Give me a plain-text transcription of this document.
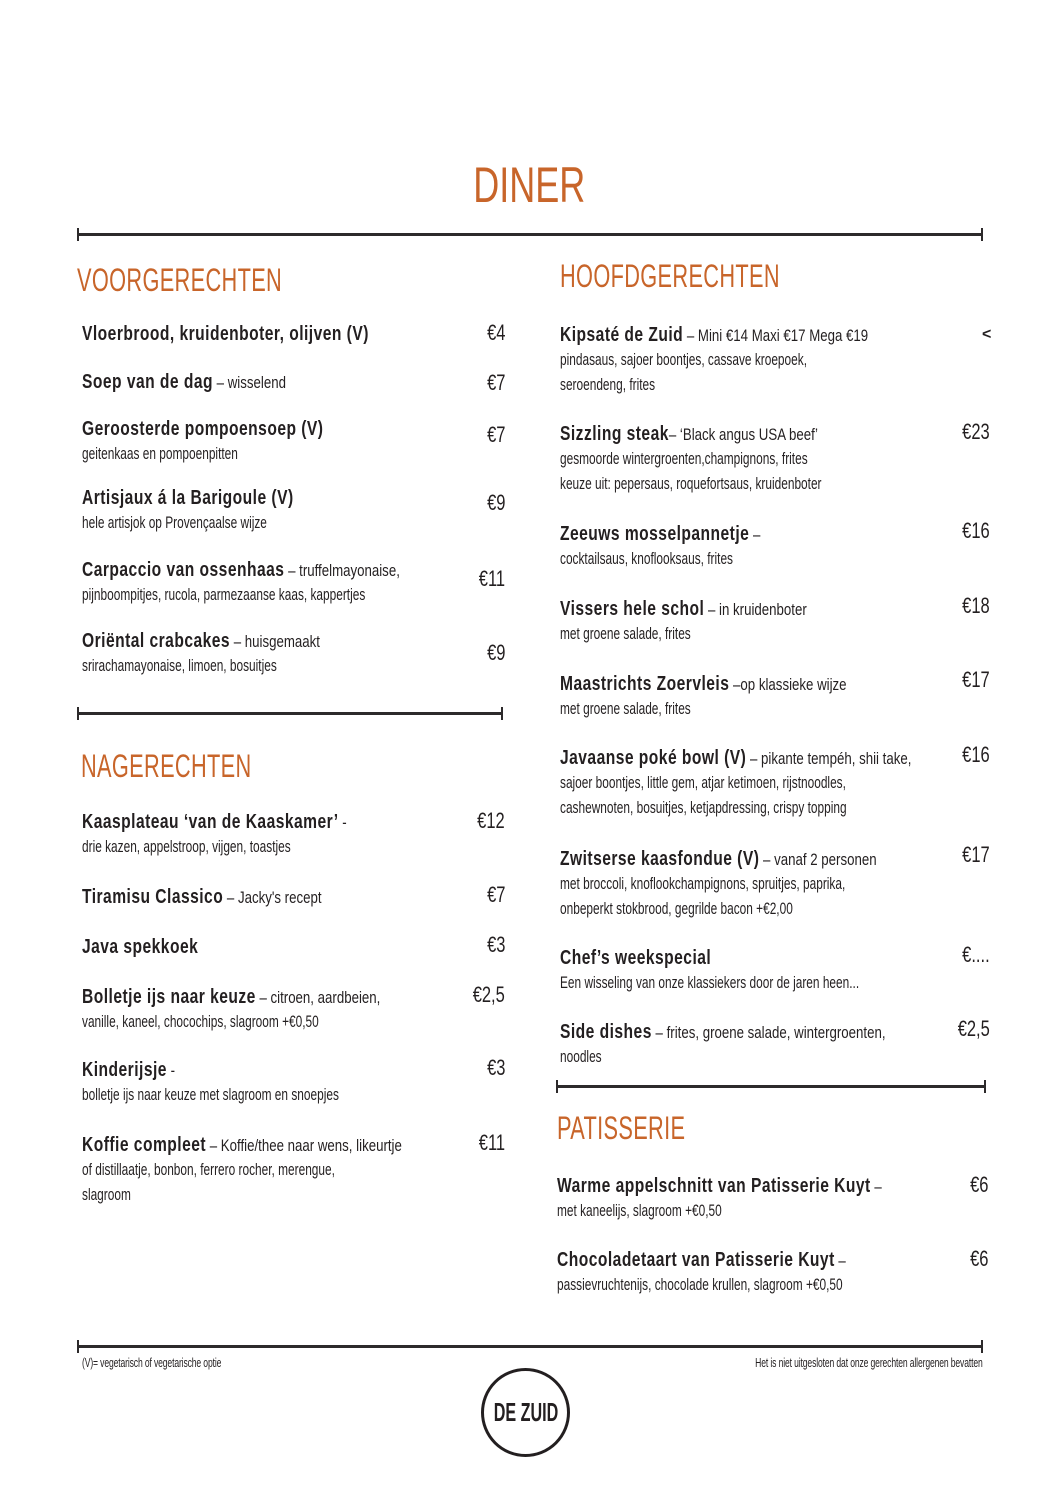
DINER
VOORGERECHTEN
Vloerbrood, kruidenboter, olijven (V)	€4
Soep van de dag – wisselend	€7
Geroosterde pompoensoep (V)
geitenkaas en pompoenpitten
€7
Artisjaux á la Barigoule (V)
hele artisjok op Provençaalse wijze
€9
Carpaccio van ossenhaas – truffelmayonaise,
pijnboompitjes, rucola, parmezaanse kaas, kappertjes
€11
Oriëntal crabcakes – huisgemaakt
srirachamayonaise, limoen, bosuitjes
€9
NAGERECHTEN
Kaasplateau ‘van de Kaaskamer’ -
drie kazen, appelstroop, vijgen, toastjes
€12
Tiramisu Classico – Jacky's recept	€7
Java spekkoek	€3
Bolletje ijs naar keuze – citroen, aardbeien,
vanille, kaneel, chocochips, slagroom +€0,50
€2,5
Kinderijsje -
bolletje ijs naar keuze met slagroom en snoepjes
€3
Koffie compleet – Koffie/thee naar wens, likeurtje
of distillaatje, bonbon, ferrero rocher, merengue,
slagroom
€11
HOOFDGERECHTEN
Kipsaté de Zuid – Mini €14 Maxi €17 Mega €19
pindasaus, sajoer boontjes, cassave kroepoek,
seroendeng, frites
<
Sizzling steak– ‘Black angus USA beef’
gesmoorde wintergroenten,champignons, frites
keuze uit: pepersaus, roquefortsaus, kruidenboter
€23
Zeeuws mosselpannetje –
cocktailsaus, knoflooksaus, frites
€16
Vissers hele schol – in kruidenboter
met groene salade, frites
€18
Maastrichts Zoervleis –op klassieke wijze
met groene salade, frites
€17
Javaanse poké bowl (V) – pikante tempéh, shii take,
sajoer boontjes, little gem, atjar ketimoen, rijstnoodles,
cashewnoten, bosuitjes, ketjapdressing, crispy topping
€16
Zwitserse kaasfondue (V) – vanaf 2 personen
met broccoli, knoflookchampignons, spruitjes, paprika,
onbeperkt stokbrood, gegrilde bacon +€2,00
€17
Chef’s weekspecial
Een wisseling van onze klassiekers door de jaren heen...
€....
Side dishes – frites, groene salade, wintergroenten,
noodles
€2,5
PATISSERIE
Warme appelschnitt van Patisserie Kuyt –
met kaneelijs, slagroom +€0,50
€6
Chocoladetaart van Patisserie Kuyt –
passievruchtenijs, chocolade krullen, slagroom +€0,50
€6
(V)= vegetarisch of vegetarische optie	Het is niet uitgesloten dat onze gerechten allergenen bevatten
DE ZUID
